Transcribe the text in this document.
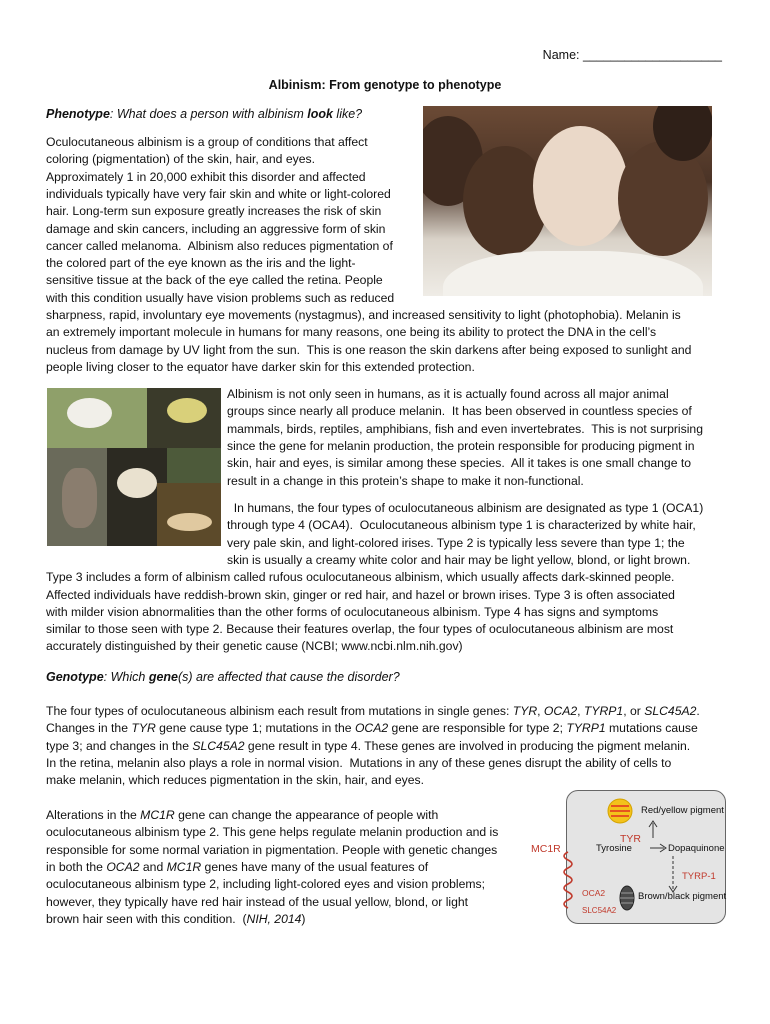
Name: ____________________
Albinism: From genotype to phenotype
Phenotype: What does a person with albinism look like?
Oculocutaneous albinism is a group of conditions that affect
coloring (pigmentation) of the skin, hair, and eyes.
Approximately 1 in 20,000 exhibit this disorder and affected
individuals typically have very fair skin and white or light-colored
hair. Long-term sun exposure greatly increases the risk of skin
damage and skin cancers, including an aggressive form of skin
cancer called melanoma.  Albinism also reduces pigmentation of
the colored part of the eye known as the iris and the light-
sensitive tissue at the back of the eye called the retina. People
with this condition usually have vision problems such as reduced
sharpness, rapid, involuntary eye movements (nystagmus), and increased sensitivity to light (photophobia). Melanin is
an extremely important molecule in humans for many reasons, one being its ability to protect the DNA in the cell’s
nucleus from damage by UV light from the sun.  This is one reason the skin darkens after being exposed to sunlight and
people living closer to the equator have darker skin for this extended protection.
Albinism is not only seen in humans, as it is actually found across all major animal
groups since nearly all produce melanin.  It has been observed in countless species of
mammals, birds, reptiles, amphibians, fish and even invertebrates.  This is not surprising
since the gene for melanin production, the protein responsible for producing pigment in
skin, hair and eyes, is similar among these species.  All it takes is one small change to
result in a change in this protein’s shape to make it non-functional.
In humans, the four types of oculocutaneous albinism are designated as type 1 (OCA1)
through type 4 (OCA4).  Oculocutaneous albinism type 1 is characterized by white hair,
very pale skin, and light-colored irises. Type 2 is typically less severe than type 1; the
skin is usually a creamy white color and hair may be light yellow, blond, or light brown.
Type 3 includes a form of albinism called rufous oculocutaneous albinism, which usually affects dark-skinned people.
Affected individuals have reddish-brown skin, ginger or red hair, and hazel or brown irises. Type 3 is often associated
with milder vision abnormalities than the other forms of oculocutaneous albinism. Type 4 has signs and symptoms
similar to those seen with type 2. Because their features overlap, the four types of oculocutaneous albinism are most
accurately distinguished by their genetic cause (NCBI; www.ncbi.nlm.nih.gov)
Genotype: Which gene(s) are affected that cause the disorder?
The four types of oculocutaneous albinism each result from mutations in single genes: TYR, OCA2, TYRP1, or SLC45A2.
Changes in the TYR gene cause type 1; mutations in the OCA2 gene are responsible for type 2; TYRP1 mutations cause
type 3; and changes in the SLC45A2 gene result in type 4. These genes are involved in producing the pigment melanin.
In the retina, melanin also plays a role in normal vision.  Mutations in any of these genes disrupt the ability of cells to
make melanin, which reduces pigmentation in the skin, hair, and eyes.
Alterations in the MC1R gene can change the appearance of people with
oculocutaneous albinism type 2. This gene helps regulate melanin production and is
responsible for some normal variation in pigmentation. People with genetic changes
in both the OCA2 and MC1R genes have many of the usual features of
oculocutaneous albinism type 2, including light-colored eyes and vision problems;
however, they typically have red hair instead of the usual yellow, blond, or light
brown hair seen with this condition.  (NIH, 2014)
MC1R
Red/yellow pigment
TYR
Tyrosine	Dopaquinone
TYRP-1
OCA2	Brown/black pigment
SLC54A2
